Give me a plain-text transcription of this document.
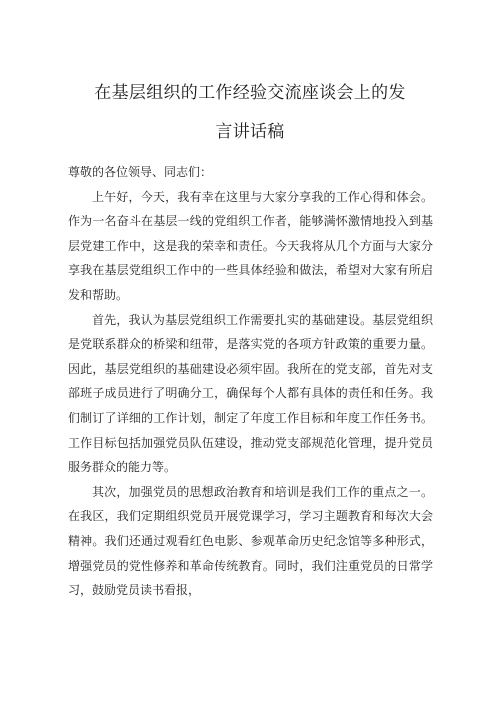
在基层组织的工作经验交流座谈会上的发
言讲话稿

尊敬的各位领导、同志们：

上午好，今天，我有幸在这里与大家分享我的工作心得和体会。作为一名奋斗在基层一线的党组织工作者，能够满怀激情地投入到基层党建工作中，这是我的荣幸和责任。今天我将从几个方面与大家分享我在基层党组织工作中的一些具体经验和做法，希望对大家有所启发和帮助。

首先，我认为基层党组织工作需要扎实的基础建设。基层党组织是党联系群众的桥梁和纽带，是落实党的各项方针政策的重要力量。因此，基层党组织的基础建设必须牢固。我所在的党支部，首先对支部班子成员进行了明确分工，确保每个人都有具体的责任和任务。我们制订了详细的工作计划，制定了年度工作目标和年度工作任务书。工作目标包括加强党员队伍建设，推动党支部规范化管理，提升党员服务群众的能力等。

其次，加强党员的思想政治教育和培训是我们工作的重点之一。在我区，我们定期组织党员开展党课学习，学习主题教育和每次大会精神。我们还通过观看红色电影、参观革命历史纪念馆等多种形式，增强党员的党性修养和革命传统教育。同时，我们注重党员的日常学习，鼓励党员读书看报，
